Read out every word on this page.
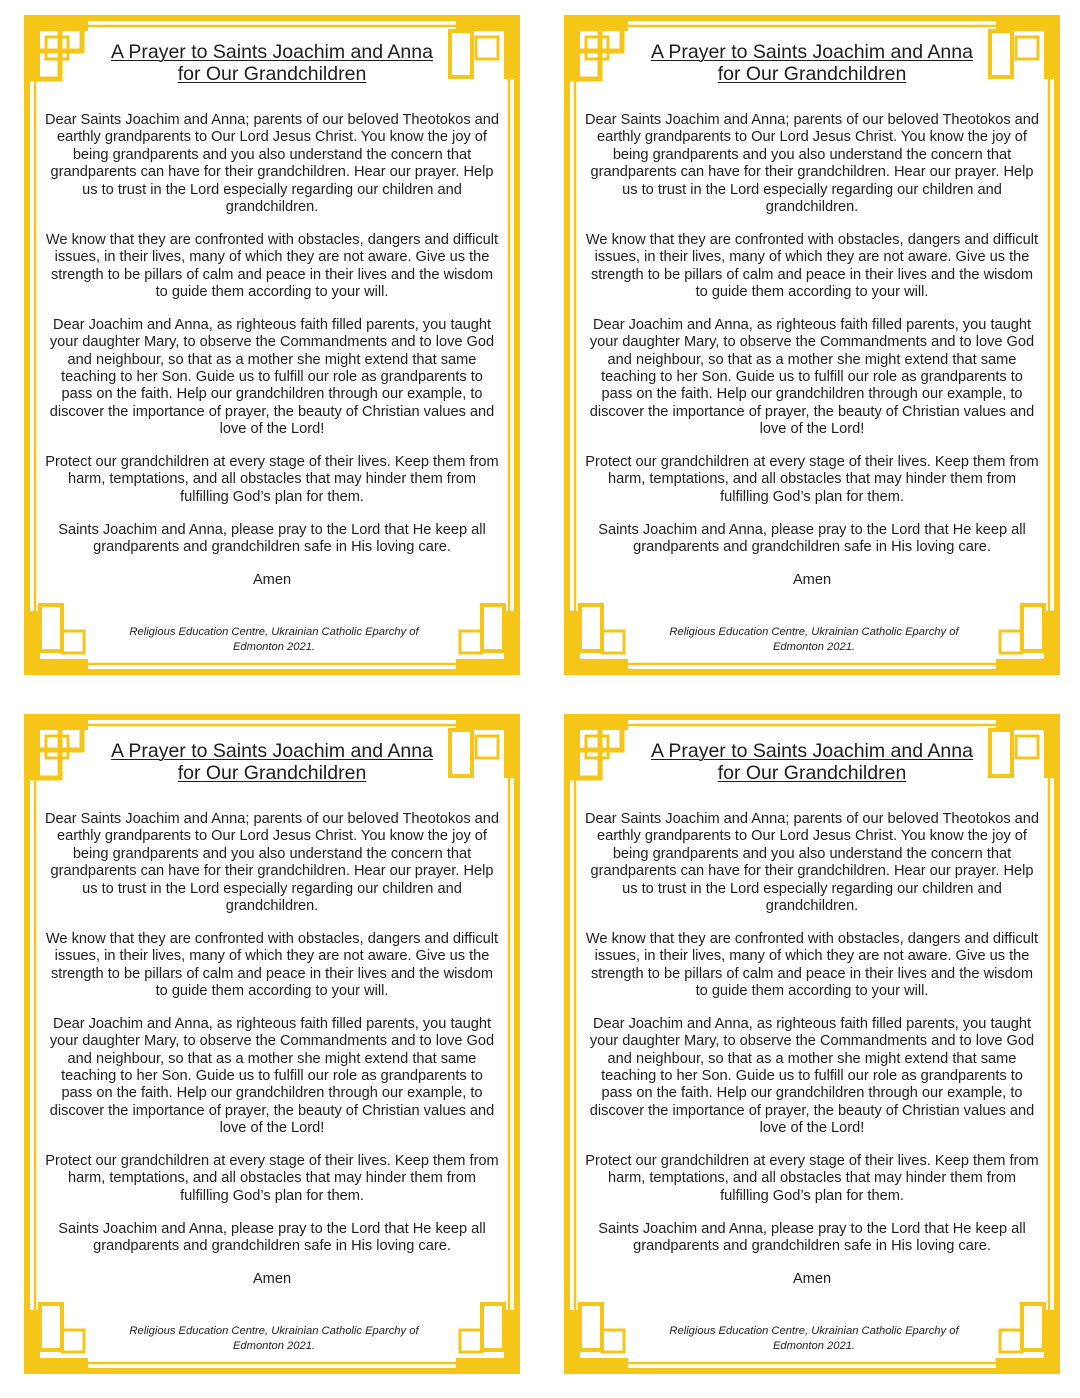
A Prayer to Saints Joachim and Anna
for Our Grandchildren

Dear Saints Joachim and Anna; parents of our beloved Theotokos and earthly grandparents to Our Lord Jesus Christ. You know the joy of being grandparents and you also understand the concern that grandparents can have for their grandchildren. Hear our prayer. Help us to trust in the Lord especially regarding our children and grandchildren.

We know that they are confronted with obstacles, dangers and difficult issues, in their lives, many of which they are not aware. Give us the strength to be pillars of calm and peace in their lives and the wisdom to guide them according to your will.

Dear Joachim and Anna, as righteous faith filled parents, you taught your daughter Mary, to observe the Commandments and to love God and neighbour, so that as a mother she might extend that same teaching to her Son. Guide us to fulfill our role as grandparents to pass on the faith. Help our grandchildren through our example, to discover the importance of prayer, the beauty of Christian values and love of the Lord!

Protect our grandchildren at every stage of their lives. Keep them from harm, temptations, and all obstacles that may hinder them from fulfilling God’s plan for them.

Saints Joachim and Anna, please pray to the Lord that He keep all grandparents and grandchildren safe in His loving care.

Amen

Religious Education Centre, Ukrainian Catholic Eparchy of Edmonton 2021.
A Prayer to Saints Joachim and Anna
for Our Grandchildren

Dear Saints Joachim and Anna; parents of our beloved Theotokos and earthly grandparents to Our Lord Jesus Christ. You know the joy of being grandparents and you also understand the concern that grandparents can have for their grandchildren. Hear our prayer. Help us to trust in the Lord especially regarding our children and grandchildren.

We know that they are confronted with obstacles, dangers and difficult issues, in their lives, many of which they are not aware. Give us the strength to be pillars of calm and peace in their lives and the wisdom to guide them according to your will.

Dear Joachim and Anna, as righteous faith filled parents, you taught your daughter Mary, to observe the Commandments and to love God and neighbour, so that as a mother she might extend that same teaching to her Son. Guide us to fulfill our role as grandparents to pass on the faith. Help our grandchildren through our example, to discover the importance of prayer, the beauty of Christian values and love of the Lord!

Protect our grandchildren at every stage of their lives. Keep them from harm, temptations, and all obstacles that may hinder them from fulfilling God’s plan for them.

Saints Joachim and Anna, please pray to the Lord that He keep all grandparents and grandchildren safe in His loving care.

Amen

Religious Education Centre, Ukrainian Catholic Eparchy of Edmonton 2021.
A Prayer to Saints Joachim and Anna
for Our Grandchildren

Dear Saints Joachim and Anna; parents of our beloved Theotokos and earthly grandparents to Our Lord Jesus Christ. You know the joy of being grandparents and you also understand the concern that grandparents can have for their grandchildren. Hear our prayer. Help us to trust in the Lord especially regarding our children and grandchildren.

We know that they are confronted with obstacles, dangers and difficult issues, in their lives, many of which they are not aware. Give us the strength to be pillars of calm and peace in their lives and the wisdom to guide them according to your will.

Dear Joachim and Anna, as righteous faith filled parents, you taught your daughter Mary, to observe the Commandments and to love God and neighbour, so that as a mother she might extend that same teaching to her Son. Guide us to fulfill our role as grandparents to pass on the faith. Help our grandchildren through our example, to discover the importance of prayer, the beauty of Christian values and love of the Lord!

Protect our grandchildren at every stage of their lives. Keep them from harm, temptations, and all obstacles that may hinder them from fulfilling God’s plan for them.

Saints Joachim and Anna, please pray to the Lord that He keep all grandparents and grandchildren safe in His loving care.

Amen

Religious Education Centre, Ukrainian Catholic Eparchy of Edmonton 2021.
A Prayer to Saints Joachim and Anna
for Our Grandchildren

Dear Saints Joachim and Anna; parents of our beloved Theotokos and earthly grandparents to Our Lord Jesus Christ. You know the joy of being grandparents and you also understand the concern that grandparents can have for their grandchildren. Hear our prayer. Help us to trust in the Lord especially regarding our children and grandchildren.

We know that they are confronted with obstacles, dangers and difficult issues, in their lives, many of which they are not aware. Give us the strength to be pillars of calm and peace in their lives and the wisdom to guide them according to your will.

Dear Joachim and Anna, as righteous faith filled parents, you taught your daughter Mary, to observe the Commandments and to love God and neighbour, so that as a mother she might extend that same teaching to her Son. Guide us to fulfill our role as grandparents to pass on the faith. Help our grandchildren through our example, to discover the importance of prayer, the beauty of Christian values and love of the Lord!

Protect our grandchildren at every stage of their lives. Keep them from harm, temptations, and all obstacles that may hinder them from fulfilling God’s plan for them.

Saints Joachim and Anna, please pray to the Lord that He keep all grandparents and grandchildren safe in His loving care.

Amen

Religious Education Centre, Ukrainian Catholic Eparchy of Edmonton 2021.
